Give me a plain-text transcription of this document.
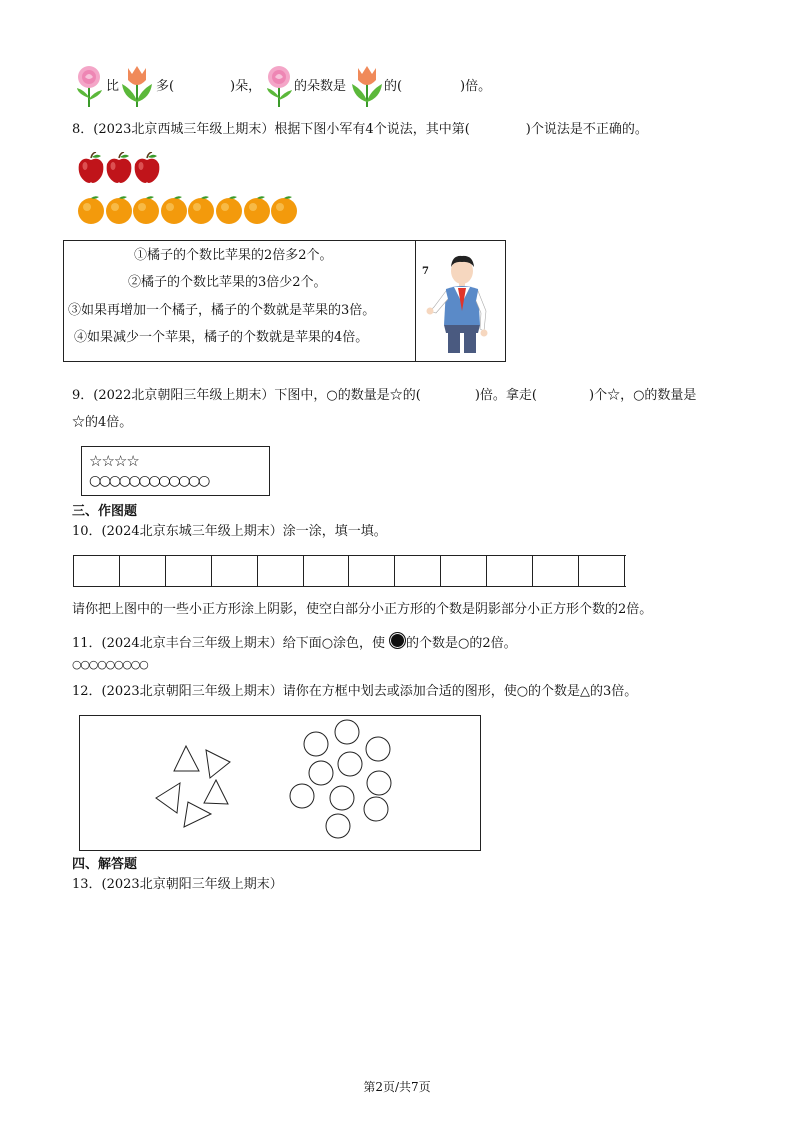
比	多(	)朵，	的朵数是	的(	)倍。
8．(2023北京西城三年级上期末）根据下图小军有4个说法，其中第(	)个说法是不正确的。
①橘子的个数比苹果的2倍多2个。
②橘子的个数比苹果的3倍少2个。
③如果再增加一个橘子，橘子的个数就是苹果的3倍。
④如果减少一个苹果，橘子的个数就是苹果的4倍。
7
9．(2022北京朝阳三年级上期末）下图中，○的数量是☆的(	)倍。拿走(	)个☆，○的数量是
☆的4倍。
☆☆☆☆
○○○○○○○○○○○○
三、作图题
10．(2024北京东城三年级上期末）涂一涂，填一填。
请你把上图中的一些小正方形涂上阴影，使空白部分小正方形的个数是阴影部分小正方形个数的2倍。
11．(2024北京丰台三年级上期末）给下面○涂色，使 的个数是○的2倍。
○○○○○○○○○
12．(2023北京朝阳三年级上期末）请你在方框中划去或添加合适的图形，使○的个数是△的3倍。
四、解答题
13．(2023北京朝阳三年级上期末）
第2页/共7页
